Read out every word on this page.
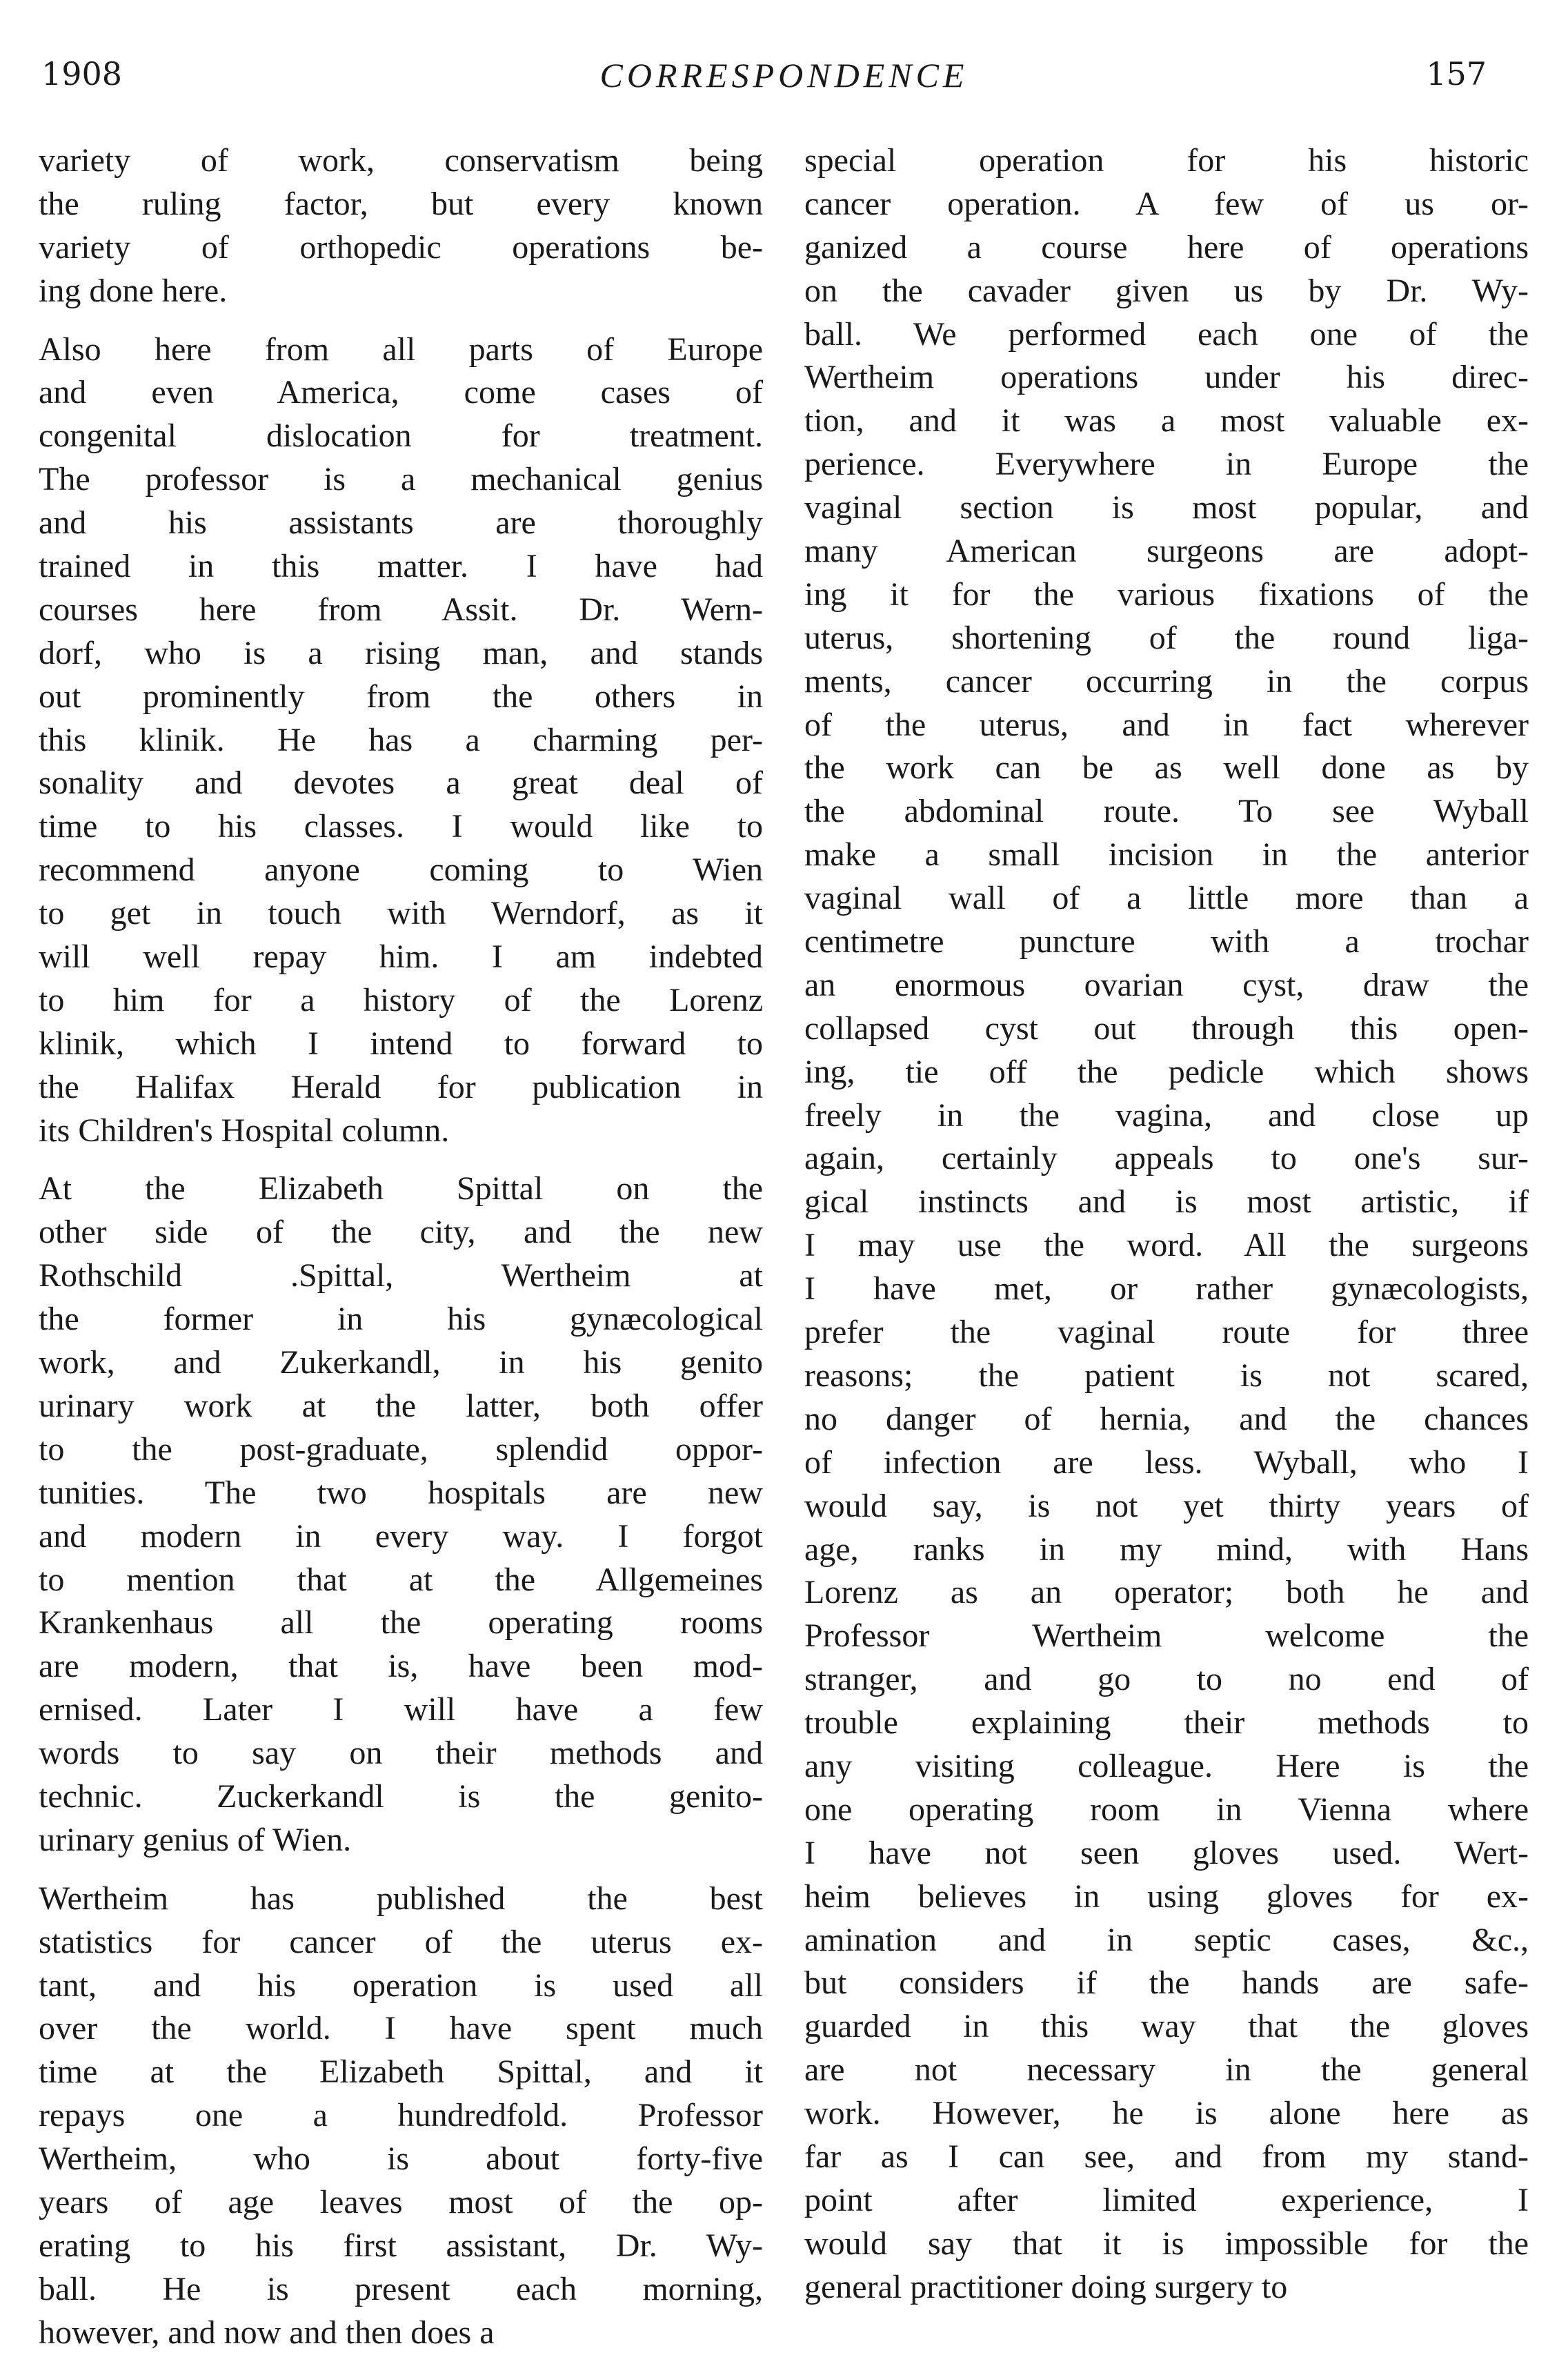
1908	CORRESPONDENCE	157
variety of work, conservatism being
the ruling factor, but every known
variety of orthopedic operations be-
ing done here.
Also here from all parts of Europe
and even America, come cases of
congenital dislocation for treatment.
The professor is a mechanical genius
and his assistants are thoroughly
trained in this matter. I have had
courses here from Assit. Dr. Wern-
dorf, who is a rising man, and stands
out prominently from the others in
this klinik. He has a charming per-
sonality and devotes a great deal of
time to his classes. I would like to
recommend anyone coming to Wien
to get in touch with Werndorf, as it
will well repay him. I am indebted
to him for a history of the Lorenz
klinik, which I intend to forward to
the Halifax Herald for publication in
its Children's Hospital column.
At the Elizabeth Spittal on the
other side of the city, and the new
Rothschild .Spittal, Wertheim at
the former in his gynæcological
work, and Zukerkandl, in his genito
urinary work at the latter, both offer
to the post-graduate, splendid oppor-
tunities. The two hospitals are new
and modern in every way. I forgot
to mention that at the Allgemeines
Krankenhaus all the operating rooms
are modern, that is, have been mod-
ernised. Later I will have a few
words to say on their methods and
technic. Zuckerkandl is the genito-
urinary genius of Wien.
Wertheim has published the best
statistics for cancer of the uterus ex-
tant, and his operation is used all
over the world. I have spent much
time at the Elizabeth Spittal, and it
repays one a hundredfold. Professor
Wertheim, who is about forty-five
years of age leaves most of the op-
erating to his first assistant, Dr. Wy-
ball. He is present each morning,
however, and now and then does a
special operation for his historic
cancer operation. A few of us or-
ganized a course here of operations
on the cavader given us by Dr. Wy-
ball. We performed each one of the
Wertheim operations under his direc-
tion, and it was a most valuable ex-
perience. Everywhere in Europe the
vaginal section is most popular, and
many American surgeons are adopt-
ing it for the various fixations of the
uterus, shortening of the round liga-
ments, cancer occurring in the corpus
of the uterus, and in fact wherever
the work can be as well done as by
the abdominal route. To see Wyball
make a small incision in the anterior
vaginal wall of a little more than a
centimetre puncture with a trochar
an enormous ovarian cyst, draw the
collapsed cyst out through this open-
ing, tie off the pedicle which shows
freely in the vagina, and close up
again, certainly appeals to one's sur-
gical instincts and is most artistic, if
I may use the word. All the surgeons
I have met, or rather gynæcologists,
prefer the vaginal route for three
reasons; the patient is not scared,
no danger of hernia, and the chances
of infection are less. Wyball, who I
would say, is not yet thirty years of
age, ranks in my mind, with Hans
Lorenz as an operator; both he and
Professor Wertheim welcome the
stranger, and go to no end of
trouble explaining their methods to
any visiting colleague. Here is the
one operating room in Vienna where
I have not seen gloves used. Wert-
heim believes in using gloves for ex-
amination and in septic cases, &c.,
but considers if the hands are safe-
guarded in this way that the gloves
are not necessary in the general
work. However, he is alone here as
far as I can see, and from my stand-
point after limited experience, I
would say that it is impossible for the
general practitioner doing surgery to
